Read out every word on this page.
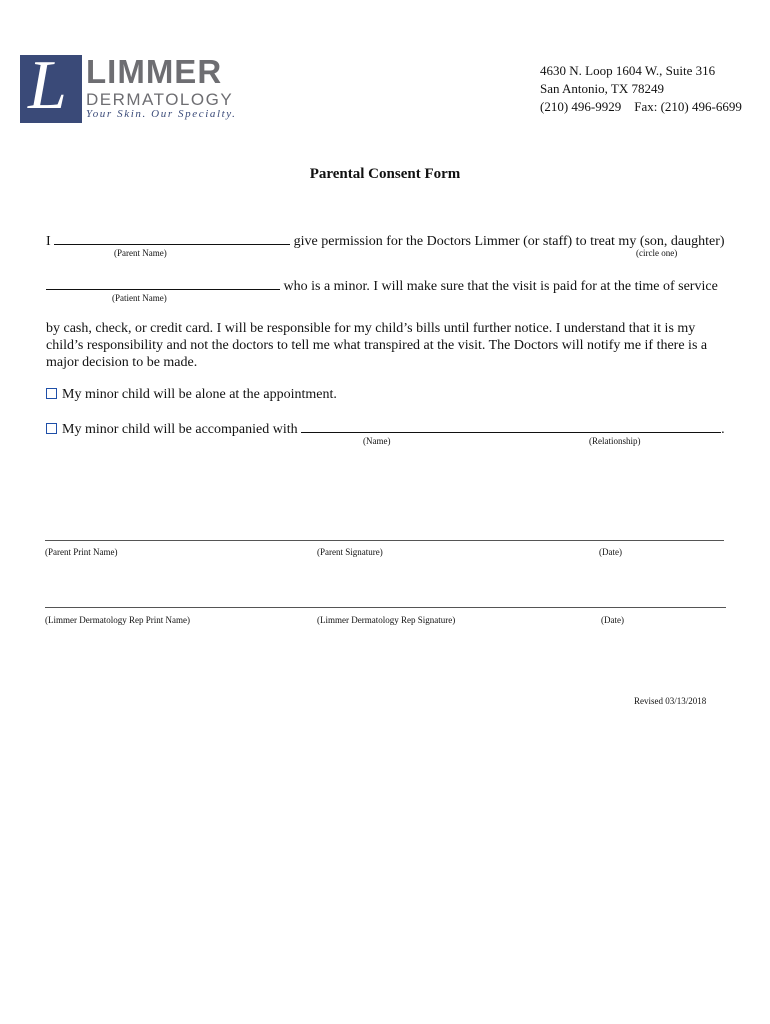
L LIMMER
DERMATOLOGY
Your Skin. Our Specialty.
4630 N. Loop 1604 W., Suite 316
San Antonio, TX 78249
(210) 496-9929    Fax: (210) 496-6699
Parental Consent Form
I	give permission for the Doctors Limmer (or staff) to treat my (son, daughter)
(Parent Name)	(circle one)
who is a minor. I will make sure that the visit is paid for at the time of service
(Patient Name)
by cash, check, or credit card. I will be responsible for my child’s bills until further notice. I understand that it is my child’s responsibility and not the doctors to tell me what transpired at the visit. The Doctors will notify me if there is a major decision to be made.
My minor child will be alone at the appointment.
My minor child will be accompanied with	.
(Name)	(Relationship)
(Parent Print Name)	(Parent Signature)	(Date)
(Limmer Dermatology Rep Print Name)	(Limmer Dermatology Rep Signature)	(Date)
Revised 03/13/2018
